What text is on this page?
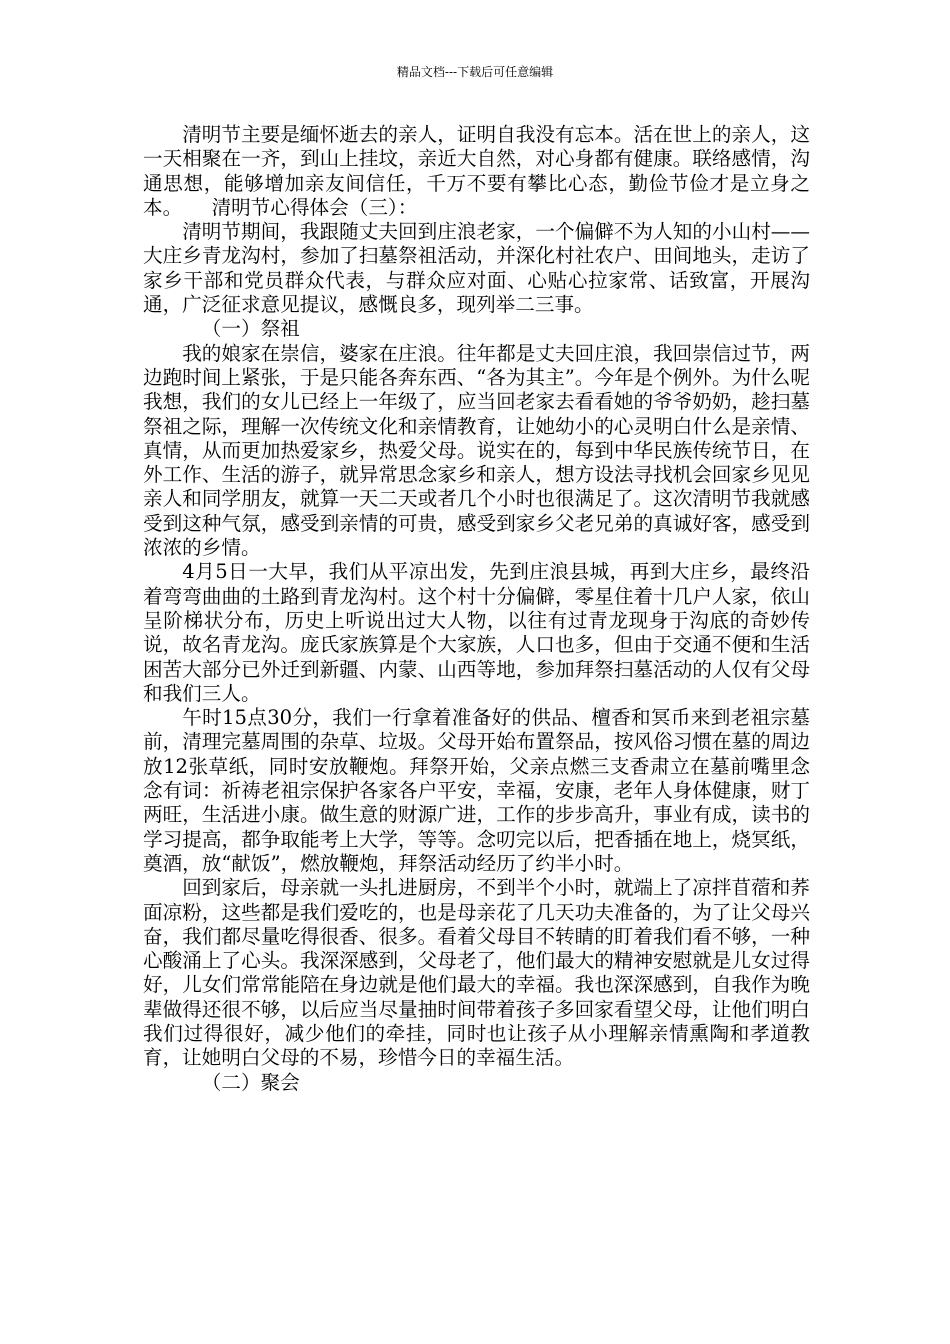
精品文档---下载后可任意编辑

清明节主要是缅怀逝去的亲人，证明自我没有忘本。活在世上的亲人，这一天相聚在一齐，到山上挂坟，亲近大自然，对心身都有健康。联络感情，沟通思想，能够增加亲友间信任，千万不要有攀比心态，勤俭节俭才是立身之本。　　清明节心得体会（三）：

清明节期间，我跟随丈夫回到庄浪老家，一个偏僻不为人知的小山村——大庄乡青龙沟村，参加了扫墓祭祖活动，并深化村社农户、田间地头，走访了家乡干部和党员群众代表，与群众应对面、心贴心拉家常、话致富，开展沟通，广泛征求意见提议，感慨良多，现列举二三事。

（一）祭祖

我的娘家在崇信，婆家在庄浪。往年都是丈夫回庄浪，我回崇信过节，两边跑时间上紧张，于是只能各奔东西、“各为其主”。今年是个例外。为什么呢我想，我们的女儿已经上一年级了，应当回老家去看看她的爷爷奶奶，趁扫墓祭祖之际，理解一次传统文化和亲情教育，让她幼小的心灵明白什么是亲情、真情，从而更加热爱家乡，热爱父母。说实在的，每到中华民族传统节日，在外工作、生活的游子，就异常思念家乡和亲人，想方设法寻找机会回家乡见见亲人和同学朋友，就算一天二天或者几个小时也很满足了。这次清明节我就感受到这种气氛，感受到亲情的可贵，感受到家乡父老兄弟的真诚好客，感受到浓浓的乡情。

4月5日一大早，我们从平凉出发，先到庄浪县城，再到大庄乡，最终沿着弯弯曲曲的土路到青龙沟村。这个村十分偏僻，零星住着十几户人家，依山呈阶梯状分布，历史上听说出过大人物，以往有过青龙现身于沟底的奇妙传说，故名青龙沟。庞氏家族算是个大家族，人口也多，但由于交通不便和生活困苦大部分已外迁到新疆、内蒙、山西等地，参加拜祭扫墓活动的人仅有父母和我们三人。

午时15点30分，我们一行拿着准备好的供品、檀香和冥币来到老祖宗墓前，清理完墓周围的杂草、垃圾。父母开始布置祭品，按风俗习惯在墓的周边放12张草纸，同时安放鞭炮。拜祭开始，父亲点燃三支香肃立在墓前嘴里念念有词：祈祷老祖宗保护各家各户平安，幸福，安康，老年人身体健康，财丁两旺，生活进小康。做生意的财源广进，工作的步步高升，事业有成，读书的学习提高，都争取能考上大学，等等。念叨完以后，把香插在地上，烧冥纸，奠酒，放“献饭”，燃放鞭炮，拜祭活动经历了约半小时。

回到家后，母亲就一头扎进厨房，不到半个小时，就端上了凉拌苜蓿和荞面凉粉，这些都是我们爱吃的，也是母亲花了几天功夫准备的，为了让父母兴奋，我们都尽量吃得很香、很多。看着父母目不转睛的盯着我们看不够，一种心酸涌上了心头。我深深感到，父母老了，他们最大的精神安慰就是儿女过得好，儿女们常常能陪在身边就是他们最大的幸福。我也深深感到，自我作为晚辈做得还很不够，以后应当尽量抽时间带着孩子多回家看望父母，让他们明白我们过得很好，减少他们的牵挂，同时也让孩子从小理解亲情熏陶和孝道教育，让她明白父母的不易，珍惜今日的幸福生活。

（二）聚会
